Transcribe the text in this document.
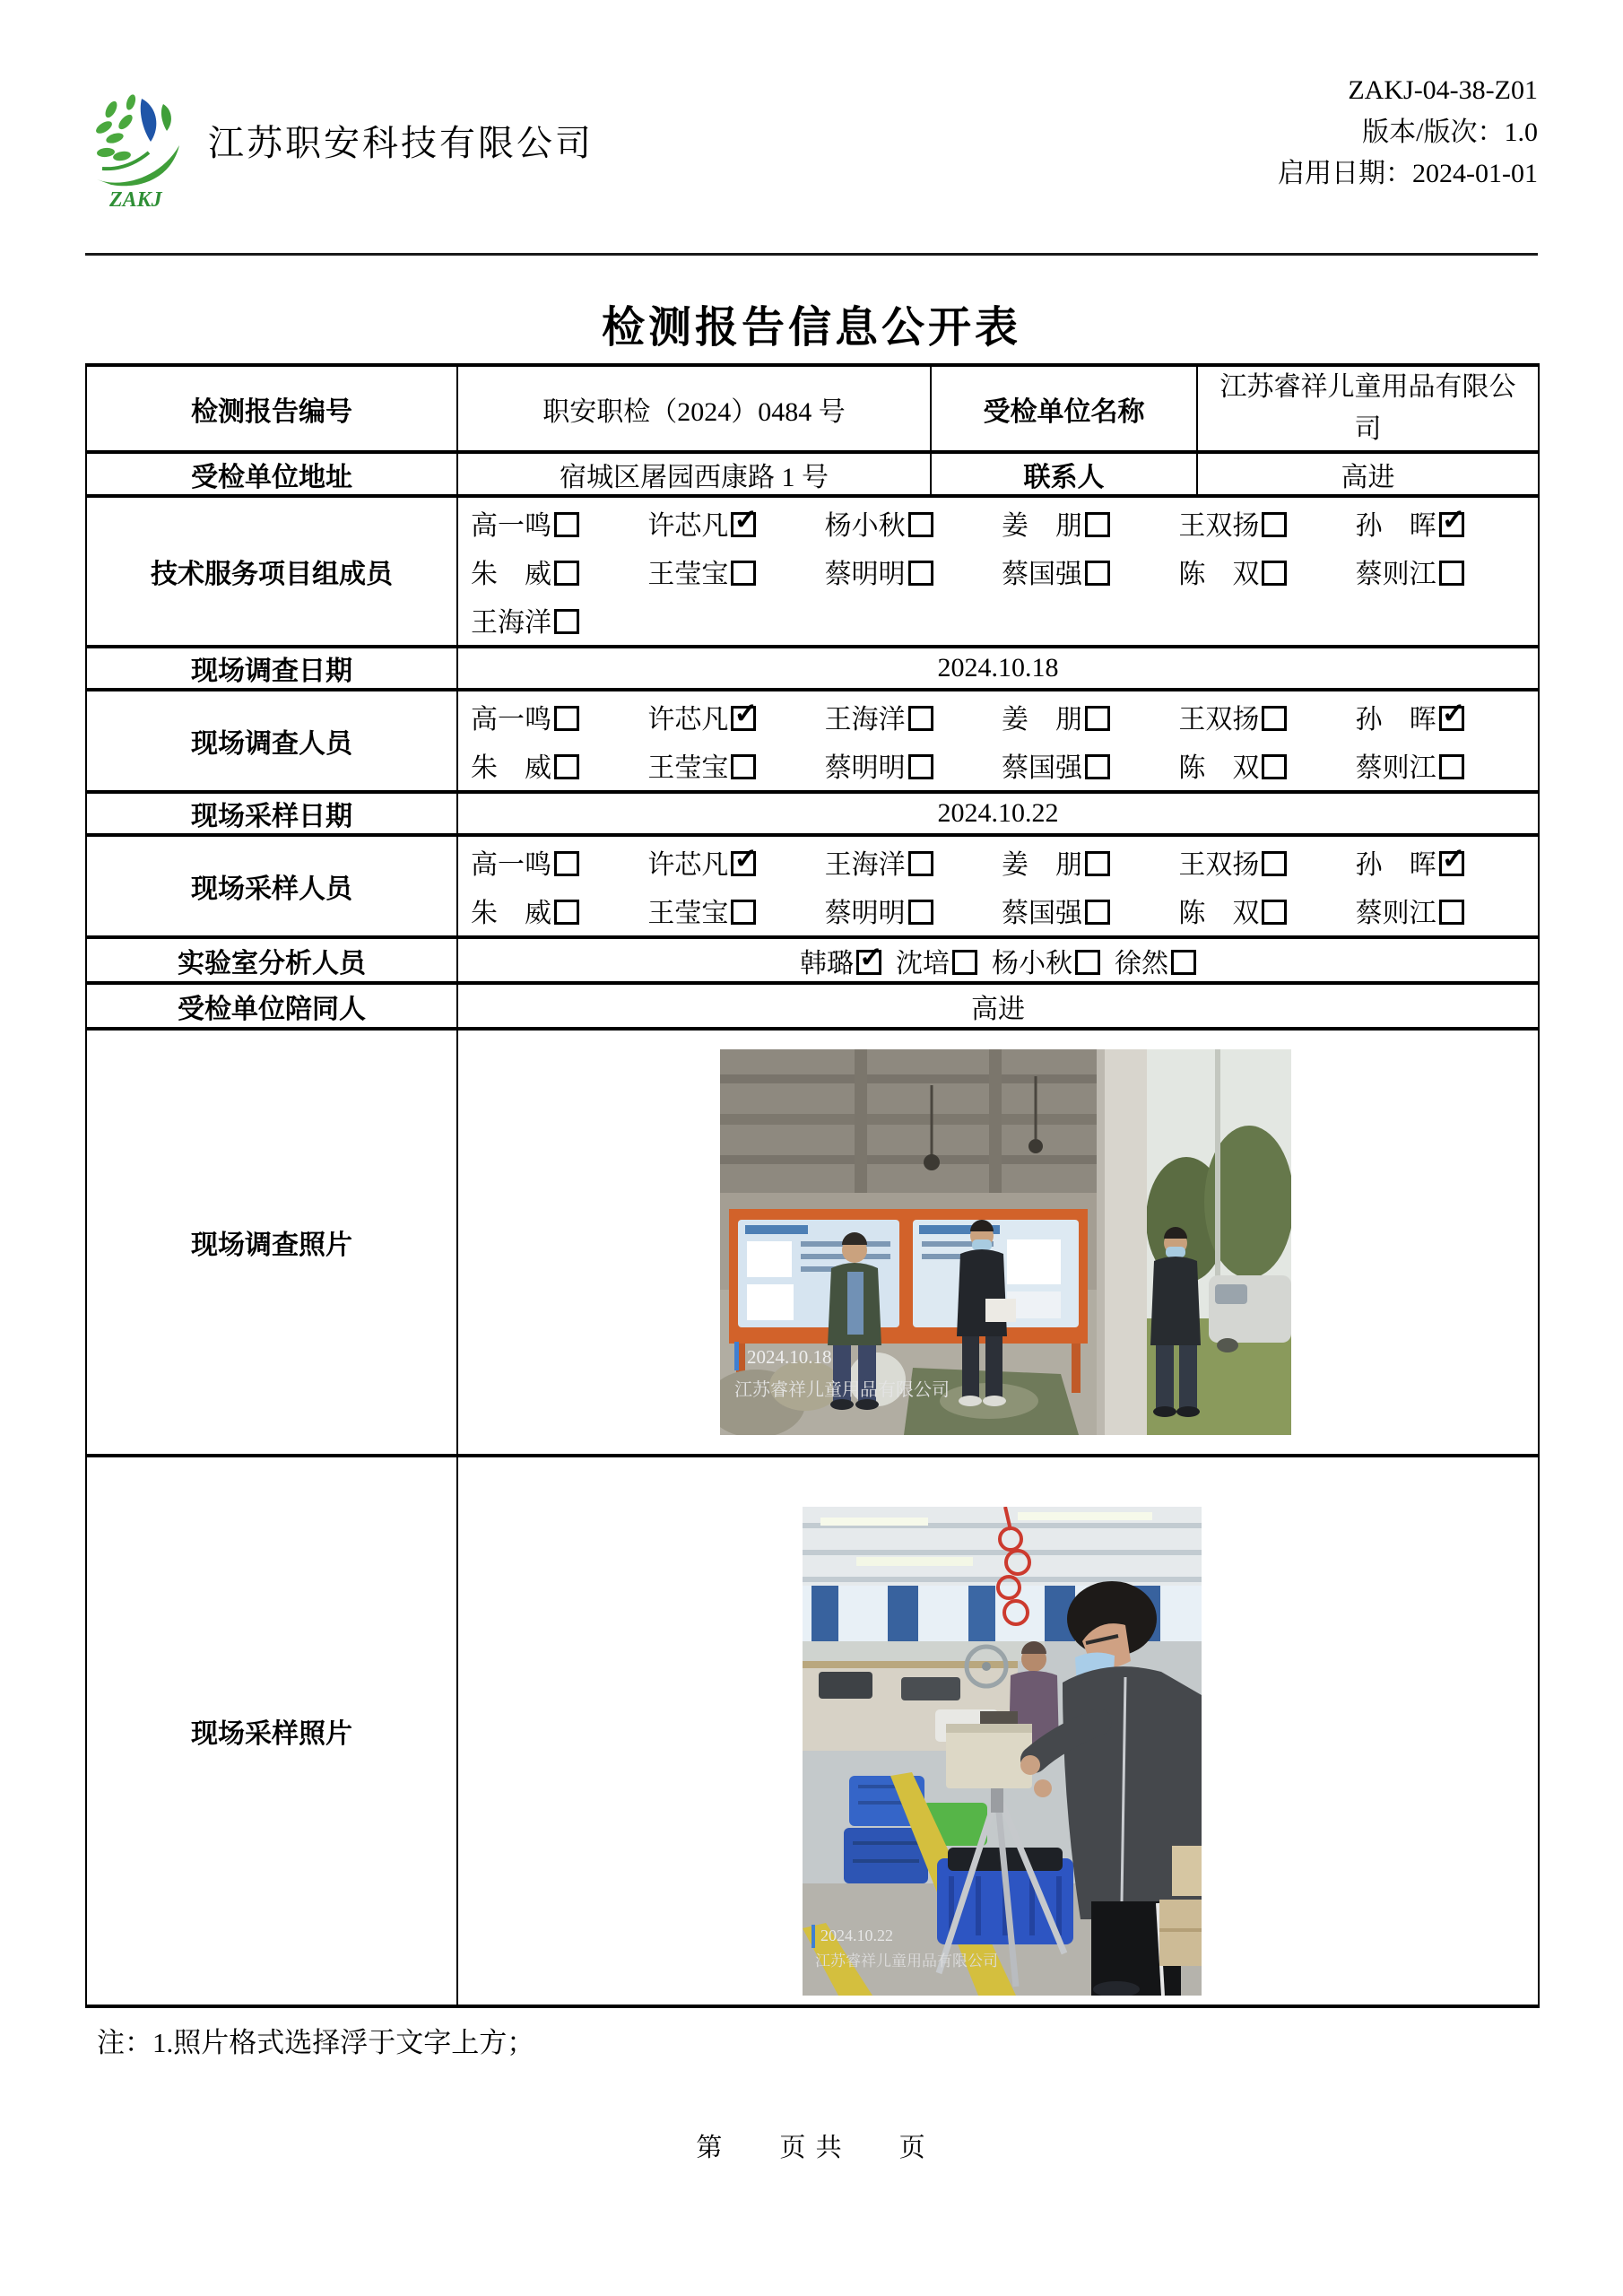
ZAKJ
江苏职安科技有限公司
ZAKJ-04-38-Z01
版本/版次：1.0
启用日期：2024-01-01
检测报告信息公开表
检测报告编号	职安职检（2024）0484 号	受检单位名称	江苏睿祥儿童用品有限公司
受检单位地址	宿城区屠园西康路 1 号	联系人	高进
技术服务项目组成员	
高一鸣	许芯凡 ✓ 杨小秋	姜　朋	王双扬	孙　晖 ✓
朱　威	王莹宝	蔡明明	蔡国强	陈　双	蔡则江
王海洋

现场调查日期	2024.10.18		
现场调查人员	
高一鸣	许芯凡 ✓ 王海洋	姜　朋	王双扬	孙　晖 ✓
朱　威	王莹宝	蔡明明	蔡国强	陈　双	蔡则江

现场采样日期	2024.10.22		
现场采样人员	
高一鸣	许芯凡 ✓ 王海洋	姜　朋	王双扬	孙　晖 ✓
朱　威	王莹宝	蔡明明	蔡国强	陈　双	蔡则江

实验室分析人员	韩璐 ✓ 沈培 杨小秋 徐然		

受检单位陪同人	高进		
现场调查照片			
现场采样照片			
2024.10.18
江苏睿祥儿童用品有限公司
2024.10.22
江苏睿祥儿童用品有限公司
注：1.照片格式选择浮于文字上方；
第　　页 共　　页
